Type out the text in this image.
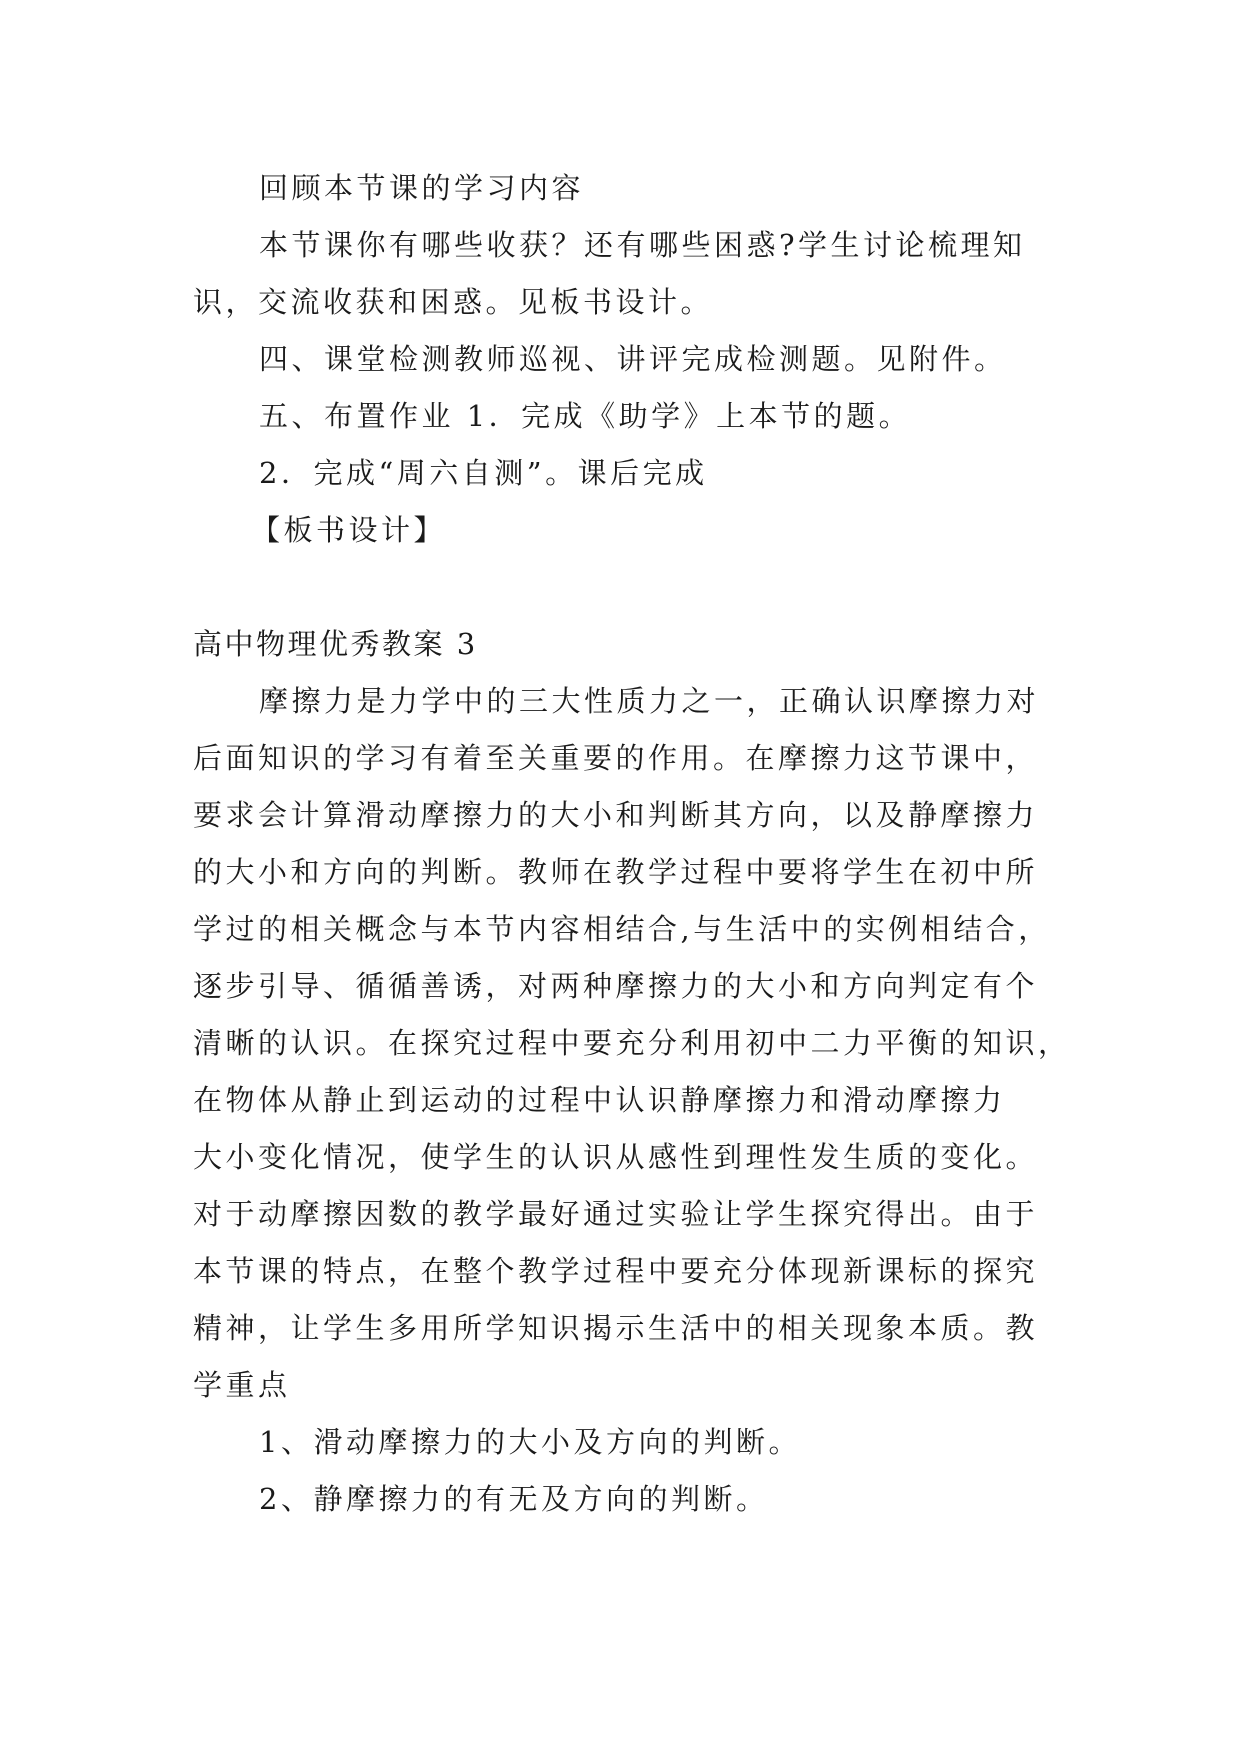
回顾本节课的学习内容

本节课你有哪些收获？还有哪些困惑?学生讨论梳理知

识，交流收获和困惑。见板书设计。

四、课堂检测教师巡视、讲评完成检测题。见附件。

五、布置作业 1．完成《助学》上本节的题。

2．完成“周六自测”。课后完成

【板书设计】

高中物理优秀教案 3

摩擦力是力学中的三大性质力之一，正确认识摩擦力对

后面知识的学习有着至关重要的作用。在摩擦力这节课中，

要求会计算滑动摩擦力的大小和判断其方向，以及静摩擦力

的大小和方向的判断。教师在教学过程中要将学生在初中所

学过的相关概念与本节内容相结合,与生活中的实例相结合，

逐步引导、循循善诱，对两种摩擦力的大小和方向判定有个

清晰的认识。在探究过程中要充分利用初中二力平衡的知识，

在物体从静止到运动的过程中认识静摩擦力和滑动摩擦力

大小变化情况，使学生的认识从感性到理性发生质的变化。

对于动摩擦因数的教学最好通过实验让学生探究得出。由于

本节课的特点，在整个教学过程中要充分体现新课标的探究

精神，让学生多用所学知识揭示生活中的相关现象本质。教

学重点

1、滑动摩擦力的大小及方向的判断。

2、静摩擦力的有无及方向的判断。
